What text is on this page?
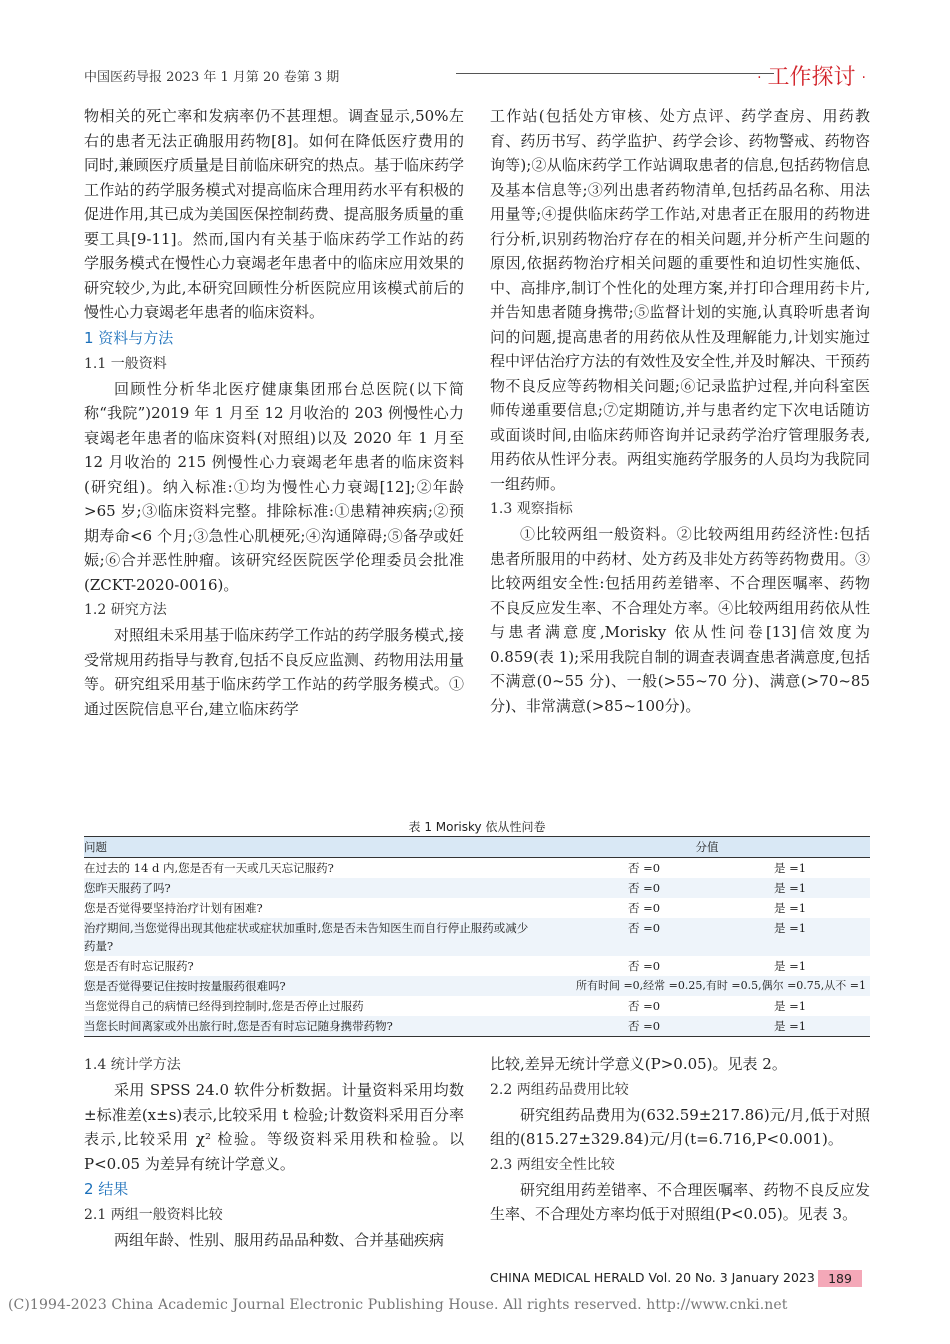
中国医药导报 2023 年 1 月第 20 卷第 3 期	· 工作探讨 ·

物相关的死亡率和发病率仍不甚理想。调查显示,50%左右的患者无法正确服用药物[8]。如何在降低医疗费用的同时,兼顾医疗质量是目前临床研究的热点。基于临床药学工作站的药学服务模式对提高临床合理用药水平有积极的促进作用,其已成为美国医保控制药费、提高服务质量的重要工具[9-11]。然而,国内有关基于临床药学工作站的药学服务模式在慢性心力衰竭老年患者中的临床应用效果的研究较少,为此,本研究回顾性分析医院应用该模式前后的慢性心力衰竭老年患者的临床资料。

1 资料与方法
1.1 一般资料

回顾性分析华北医疗健康集团邢台总医院(以下简称“我院”)2019 年 1 月至 12 月收治的 203 例慢性心力衰竭老年患者的临床资料(对照组)以及 2020 年 1 月至 12 月收治的 215 例慢性心力衰竭老年患者的临床资料(研究组)。纳入标准:①均为慢性心力衰竭[12];②年龄>65 岁;③临床资料完整。排除标准:①患精神疾病;②预期寿命<6 个月;③急性心肌梗死;④沟通障碍;⑤备孕或妊娠;⑥合并恶性肿瘤。该研究经医院医学伦理委员会批准(ZCKT-2020-0016)。

1.2 研究方法

对照组未采用基于临床药学工作站的药学服务模式,接受常规用药指导与教育,包括不良反应监测、药物用法用量等。研究组采用基于临床药学工作站的药学服务模式。①通过医院信息平台,建立临床药学

工作站(包括处方审核、处方点评、药学查房、用药教育、药历书写、药学监护、药学会诊、药物警戒、药物咨询等);②从临床药学工作站调取患者的信息,包括药物信息及基本信息等;③列出患者药物清单,包括药品名称、用法用量等;④提供临床药学工作站,对患者正在服用的药物进行分析,识别药物治疗存在的相关问题,并分析产生问题的原因,依据药物治疗相关问题的重要性和迫切性实施低、中、高排序,制订个性化的处理方案,并打印合理用药卡片,并告知患者随身携带;⑤监督计划的实施,认真聆听患者询问的问题,提高患者的用药依从性及理解能力,计划实施过程中评估治疗方法的有效性及安全性,并及时解决、干预药物不良反应等药物相关问题;⑥记录监护过程,并向科室医师传递重要信息;⑦定期随访,并与患者约定下次电话随访或面谈时间,由临床药师咨询并记录药学治疗管理服务表,用药依从性评分表。两组实施药学服务的人员均为我院同一组药师。

1.3 观察指标

①比较两组一般资料。②比较两组用药经济性:包括患者所服用的中药材、处方药及非处方药等药物费用。③比较两组安全性:包括用药差错率、不合理医嘱率、药物不良反应发生率、不合理处方率。④比较两组用药依从性与患者满意度,Morisky 依从性问卷[13]信效度为 0.859(表 1);采用我院自制的调查表调查患者满意度,包括不满意(0~55 分)、一般(>55~70 分)、满意(>70~85 分)、非常满意(>85~100分)。

表 1 Morisky 依从性问卷
问题	分值	
在过去的 14 d 内,您是否有一天或几天忘记服药?	否 =0	是 =1
您昨天服药了吗?	否 =0	是 =1
您是否觉得要坚持治疗计划有困难?	否 =0	是 =1
治疗期间,当您觉得出现其他症状或症状加重时,您是否未告知医生而自行停止服药或减少药量?	否 =0	是 =1
您是否有时忘记服药?	否 =0	是 =1
您是否觉得要记住按时按量服药很难吗?	所有时间 =0,经常 =0.25,有时 =0.5,偶尔 =0.75,从不 =1	
当您觉得自己的病情已经得到控制时,您是否停止过服药	否 =0	是 =1
当您长时间离家或外出旅行时,您是否有时忘记随身携带药物?	否 =0	是 =1
1.4 统计学方法

采用 SPSS 24.0 软件分析数据。计量资料采用均数±标准差(x±s)表示,比较采用 t 检验;计数资料采用百分率表示,比较采用 χ² 检验。等级资料采用秩和检验。以 P<0.05 为差异有统计学意义。

2 结果
2.1 两组一般资料比较

两组年龄、性别、服用药品品种数、合并基础疾病

比较,差异无统计学意义(P>0.05)。见表 2。

2.2 两组药品费用比较

研究组药品费用为(632.59±217.86)元/月,低于对照组的(815.27±329.84)元/月(t=6.716,P<0.001)。

2.3 两组安全性比较

研究组用药差错率、不合理医嘱率、药物不良反应发生率、不合理处方率均低于对照组(P<0.05)。见表 3。

CHINA MEDICAL HERALD Vol. 20 No. 3 January 2023	189
(C)1994-2023 China Academic Journal Electronic Publishing House. All rights reserved. http://www.cnki.net
